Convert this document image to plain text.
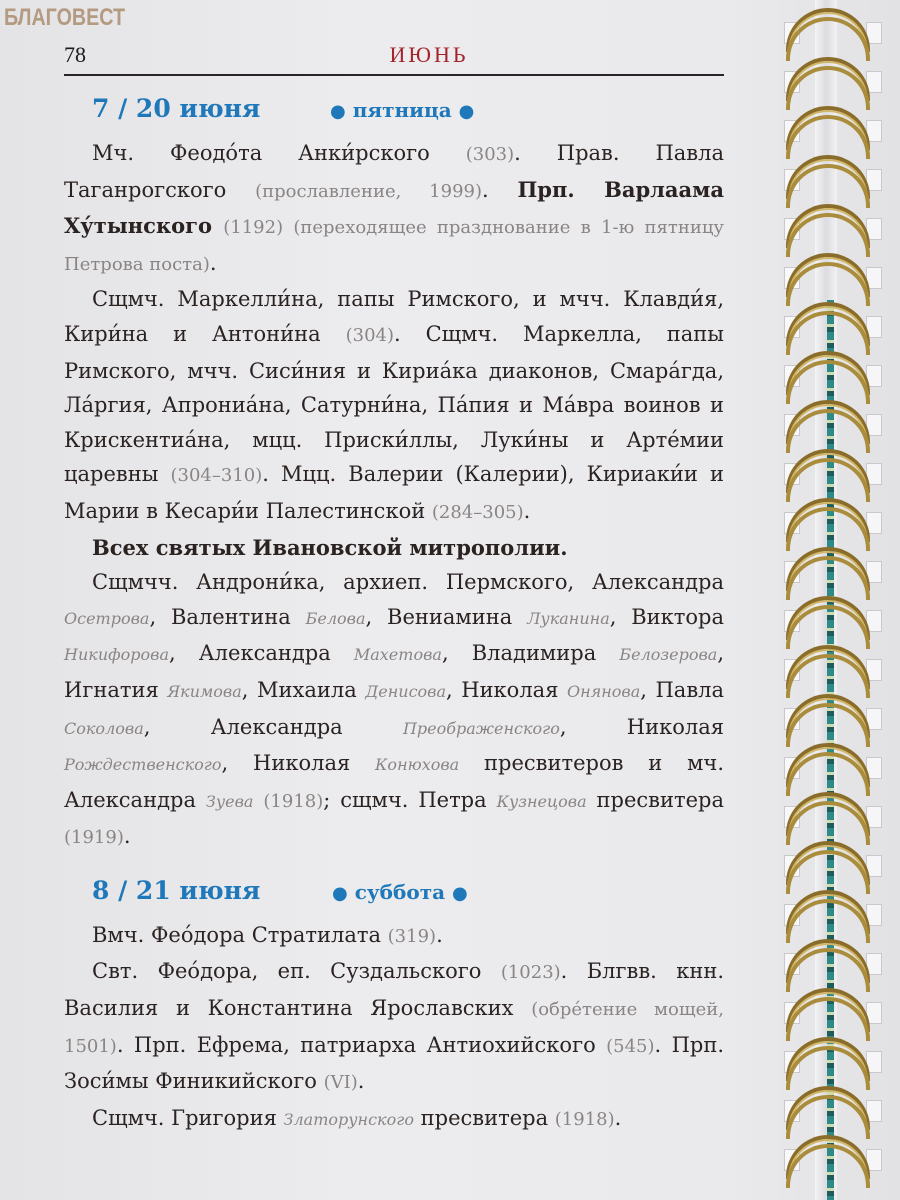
БЛАГОВЕСТ
78	ИЮНЬ
7 / 20 июня	● пятница ●

Мч. Феодо́та Анки́рского (303). Прав. Павла Таганрогского (прославление, 1999). Прп. Варлаама Ху́тынского (1192) (переходящее празднование в 1-ю пятницу Петрова поста).

Сщмч. Маркелли́на, папы Римского, и мчч. Клавди́я, Кири́на и Антони́на (304). Сщмч. Маркелла, папы Римского, мчч. Сиси́ния и Кириа́ка диаконов, Смара́гда, Ла́ргия, Апрониа́на, Сатурни́на, Па́пия и Ма́вра воинов и Крискентиа́на, мцц. Приски́ллы, Луки́ны и Арте́мии царевны (304–310). Мцц. Валерии (Калерии), Кириаки́и и Марии в Кесари́и Палестинской (284–305).

Всех святых Ивановской митрополии.

Сщмчч. Андрони́ка, архиеп. Пермского, Александра Осетрова, Валентина Белова, Вениамина Луканина, Виктора Никифорова, Александра Махетова, Владимира Белозерова, Игнатия Якимова, Михаила Денисова, Николая Онянова, Павла Соколова, Александра Преображенского, Николая Рождественского, Николая Конюхова пресвитеров и мч. Александра Зуева (1918); сщмч. Петра Кузнецова пресвитера (1919).

8 / 21 июня	● суббота ●

Вмч. Фео́дора Стратилата (319).

Свт. Фео́дора, еп. Суздальского (1023). Блгвв. кнн. Василия и Константина Ярославских (обре́тение мощей, 1501). Прп. Ефрема, патриарха Антиохийского (545). Прп. Зоси́мы Финикийского (VI).

Сщмч. Григория Златорунского пресвитера (1918).
